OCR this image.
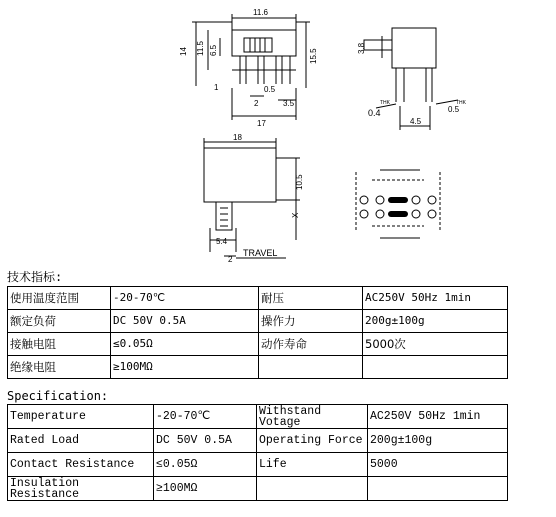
11.6
14 11.5 6.5	15.5	3.8
1
2
0.5
3.5
17
0.4
THK
4.5
0.5
THK
18
10.5
X
5.4
2
TRAVEL
技术指标:
使用温度范围	-20-70℃	耐压	AC250V 50Hz 1min
额定负荷	DC 50V 0.5A	操作力	200g±100g
接触电阻	≤0.05Ω	动作寿命	5000次
绝缘电阻	≥100MΩ		
Specification:
Temperature	-20-70℃	Withstand Votage	AC250V 50Hz 1min
Rated Load	DC 50V 0.5A	Operating Force	200g±100g
Contact Resistance	≤0.05Ω	Life	5000
Insulation Resistance	≥100MΩ		
